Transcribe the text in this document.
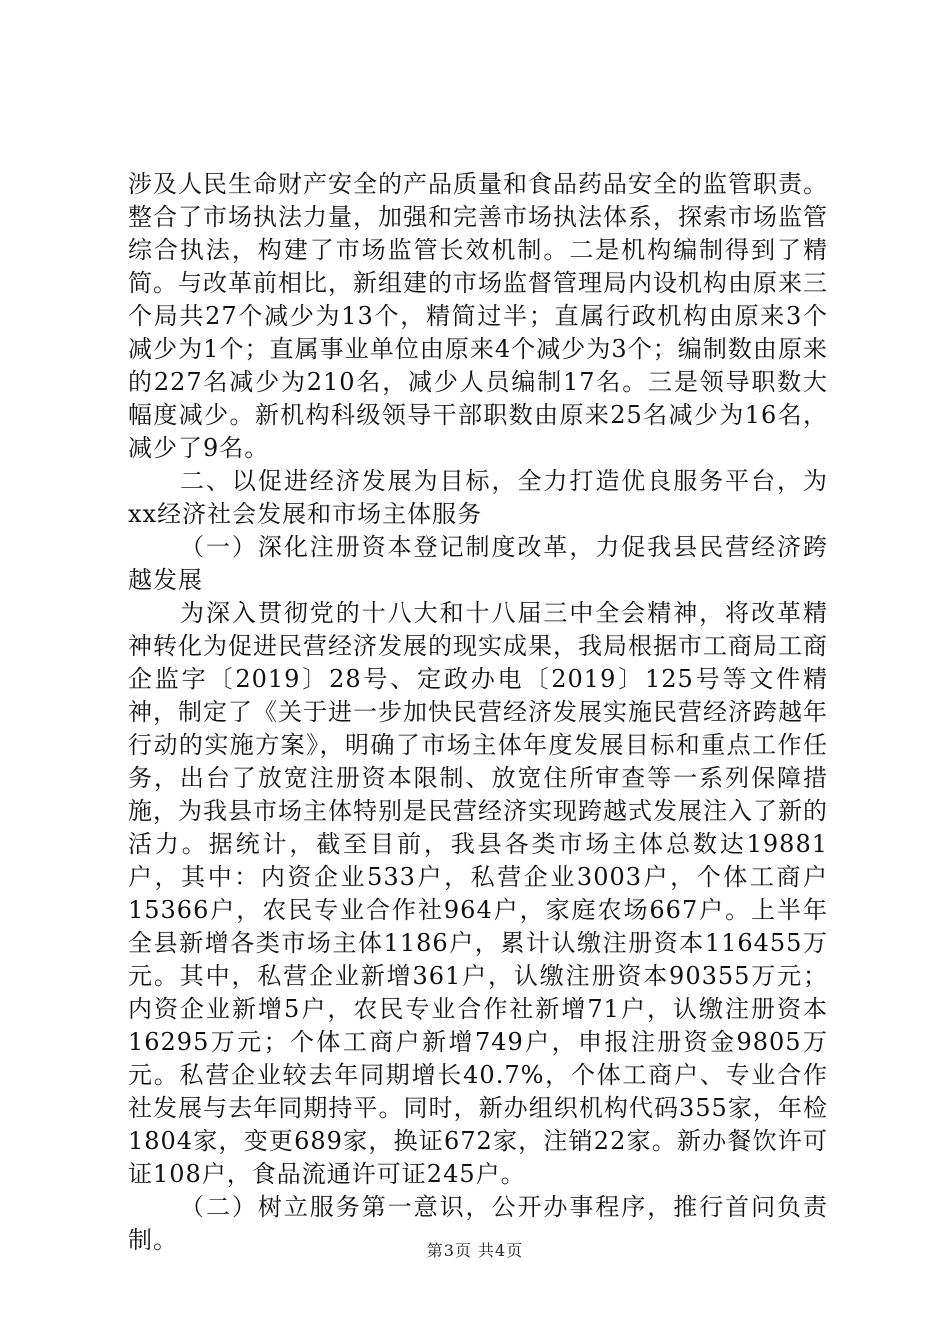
涉及人民生命财产安全的产品质量和食品药品安全的监管职责。整合了市场执法力量，加强和完善市场执法体系，探索市场监管综合执法，构建了市场监管长效机制。二是机构编制得到了精简。与改革前相比，新组建的市场监督管理局内设机构由原来三个局共27个减少为13个，精简过半；直属行政机构由原来3个减少为1个；直属事业单位由原来4个减少为3个；编制数由原来的227名减少为210名，减少人员编制17名。三是领导职数大幅度减少。新机构科级领导干部职数由原来25名减少为16名，减少了9名。

二、以促进经济发展为目标，全力打造优良服务平台，为xx经济社会发展和市场主体服务

（一）深化注册资本登记制度改革，力促我县民营经济跨越发展

为深入贯彻党的十八大和十八届三中全会精神，将改革精神转化为促进民营经济发展的现实成果，我局根据市工商局工商企监字〔2019〕28号、定政办电〔2019〕125号等文件精神，制定了《关于进一步加快民营经济发展实施民营经济跨越年行动的实施方案》，明确了市场主体年度发展目标和重点工作任务，出台了放宽注册资本限制、放宽住所审查等一系列保障措施，为我县市场主体特别是民营经济实现跨越式发展注入了新的活力。据统计，截至目前，我县各类市场主体总数达19881户，其中：内资企业533户，私营企业3003户，个体工商户15366户，农民专业合作社964户，家庭农场667户。上半年全县新增各类市场主体1186户，累计认缴注册资本116455万元。其中，私营企业新增361户，认缴注册资本90355万元；内资企业新增5户，农民专业合作社新增71户，认缴注册资本16295万元；个体工商户新增749户，申报注册资金9805万元。私营企业较去年同期增长40.7%，个体工商户、专业合作社发展与去年同期持平。同时，新办组织机构代码355家，年检1804家，变更689家，换证672家，注销22家。新办餐饮许可证108户，食品流通许可证245户。

（二）树立服务第一意识，公开办事程序，推行首问负责制。	第3页 共4页
